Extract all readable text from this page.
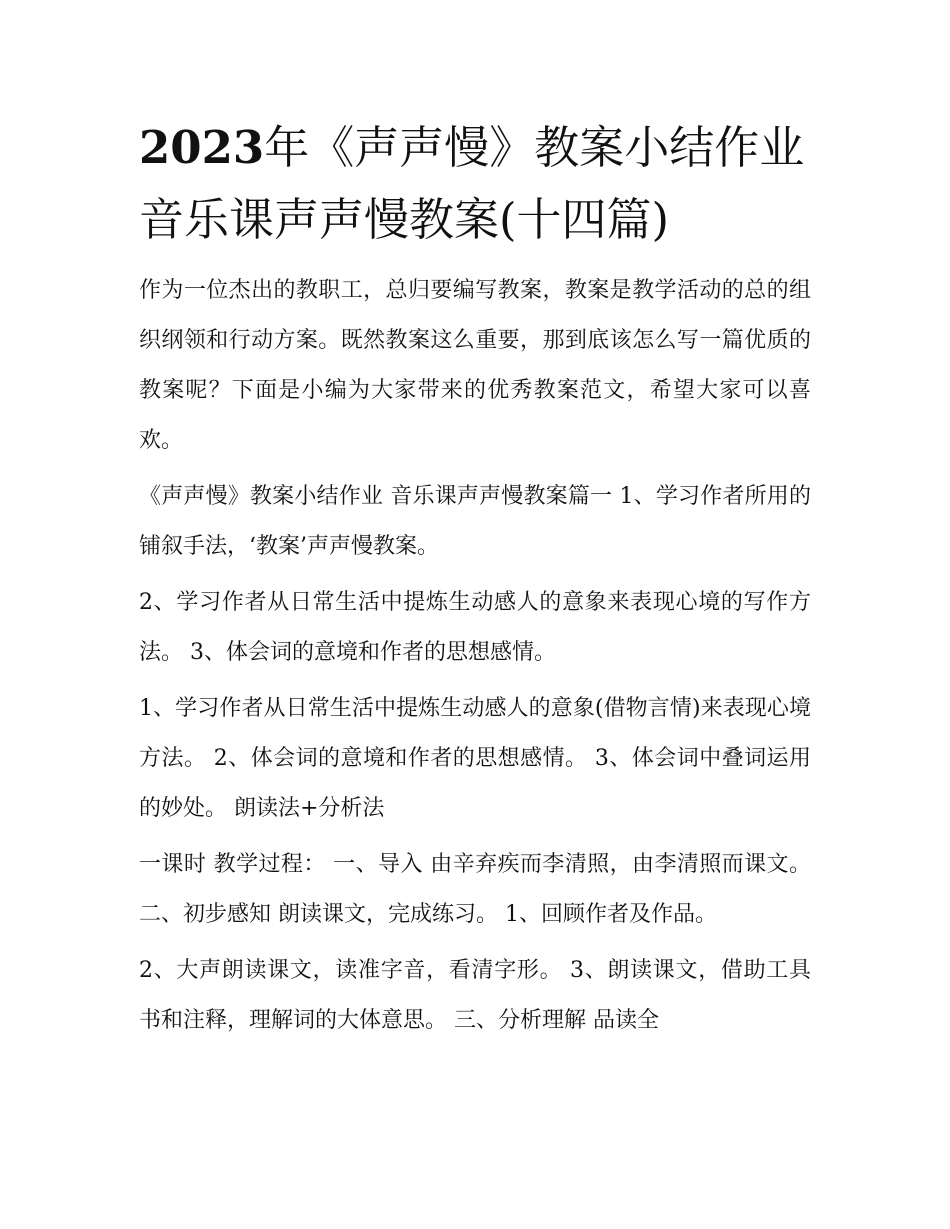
2023年《声声慢》教案小结作业 音乐课声声慢教案(十四篇)

作为一位杰出的教职工，总归要编写教案，教案是教学活动的总的组织纲领和行动方案。既然教案这么重要，那到底该怎么写一篇优质的教案呢？下面是小编为大家带来的优秀教案范文，希望大家可以喜欢。

《声声慢》教案小结作业 音乐课声声慢教案篇一 1、学习作者所用的铺叙手法，‘教案’声声慢教案。

2、学习作者从日常生活中提炼生动感人的意象来表现心境的写作方法。 3、体会词的意境和作者的思想感情。

1、学习作者从日常生活中提炼生动感人的意象(借物言情)来表现心境方法。 2、体会词的意境和作者的思想感情。 3、体会词中叠词运用的妙处。 朗读法+分析法

一课时 教学过程： 一、导入 由辛弃疾而李清照，由李清照而课文。 二、初步感知 朗读课文，完成练习。 1、回顾作者及作品。

2、大声朗读课文，读准字音，看清字形。 3、朗读课文，借助工具书和注释，理解词的大体意思。 三、分析理解 品读全
